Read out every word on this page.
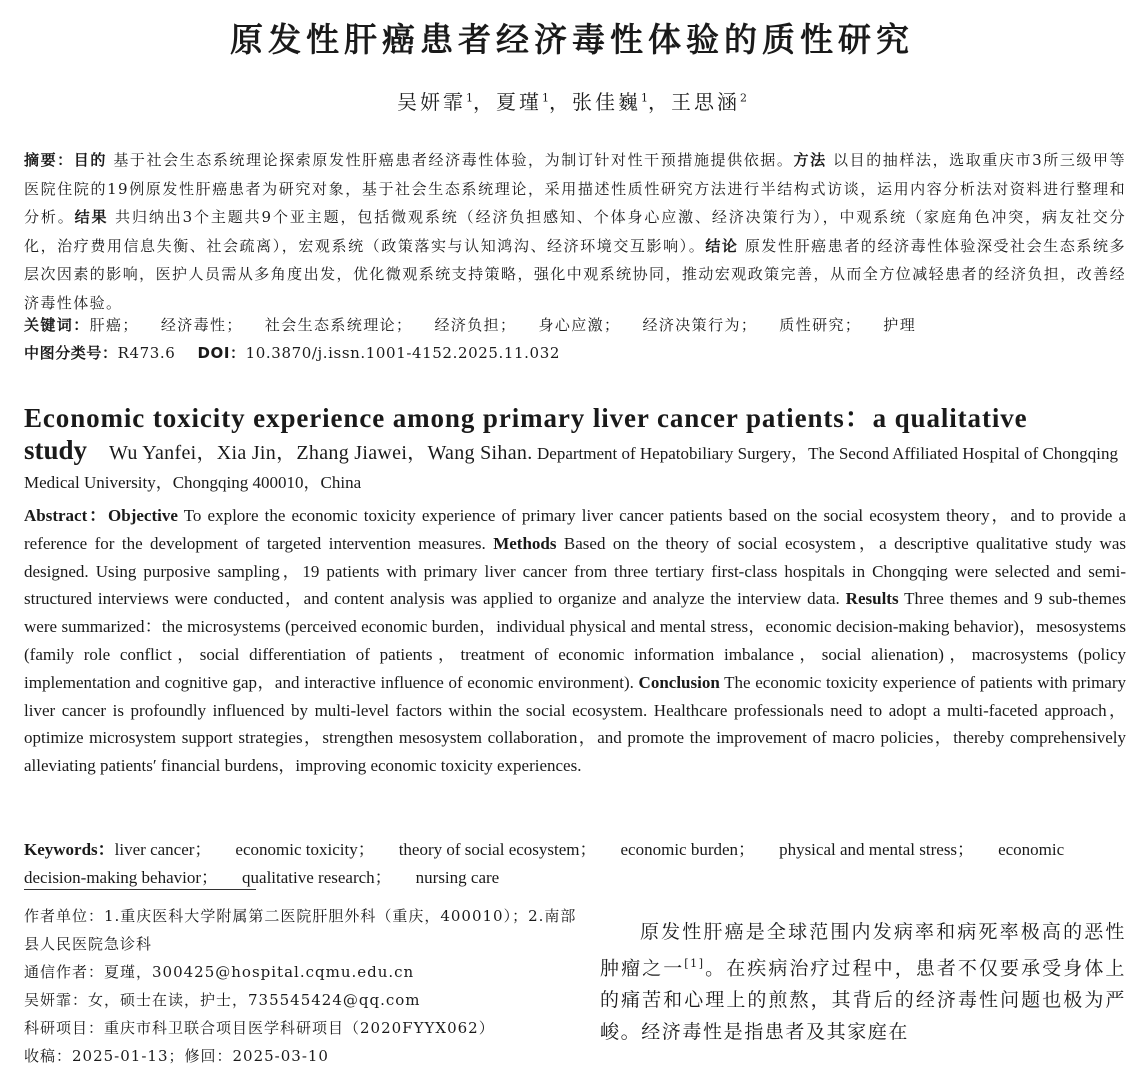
原发性肝癌患者经济毒性体验的质性研究
吴妍霏$^1$，夏瑾$^1$，张佳巍$^1$，王思涵$^2$

摘要：目的 基于社会生态系统理论探索原发性肝癌患者经济毒性体验，为制订针对性干预措施提供依据。方法 以目的抽样法，选取重庆市3所三级甲等医院住院的19例原发性肝癌患者为研究对象，基于社会生态系统理论，采用描述性质性研究方法进行半结构式访谈，运用内容分析法对资料进行整理和分析。结果 共归纳出3个主题共9个亚主题，包括微观系统（经济负担感知、个体身心应激、经济决策行为），中观系统（家庭角色冲突，病友社交分化，治疗费用信息失衡、社会疏离），宏观系统（政策落实与认知鸿沟、经济环境交互影响）。结论 原发性肝癌患者的经济毒性体验深受社会生态系统多层次因素的影响，医护人员需从多角度出发，优化微观系统支持策略，强化中观系统协同，推动宏观政策完善，从而全方位减轻患者的经济负担，改善经济毒性体验。

关键词：肝癌； 经济毒性； 社会生态系统理论； 经济负担； 身心应激； 经济决策行为； 质性研究； 护理

中图分类号：R473.6 DOI：10.3870/j.issn.1001-4152.2025.11.032

Economic toxicity experience among primary liver cancer patients：a qualitative

study Wu Yanfei，Xia Jin，Zhang Jiawei，Wang Sihan. Department of Hepatobiliary Surgery，The Second Affiliated Hospital of Chongqing Medical University，Chongqing 400010，China

Abstract：Objective To explore the economic toxicity experience of primary liver cancer patients based on the social ecosystem theory，and to provide a reference for the development of targeted intervention measures. Methods Based on the theory of social ecosystem，a descriptive qualitative study was designed. Using purposive sampling，19 patients with primary liver cancer from three tertiary first-class hospitals in Chongqing were selected and semi-structured interviews were conducted，and content analysis was applied to organize and analyze the interview data. Results Three themes and 9 sub-themes were summarized：the microsystems (perceived economic burden，individual physical and mental stress，economic decision-making behavior)，mesosystems (family role conflict，social differentiation of patients，treatment of economic information imbalance，social alienation)，macrosystems (policy implementation and cognitive gap，and interactive influence of economic environment). Conclusion The economic toxicity experience of patients with primary liver cancer is profoundly influenced by multi-level factors within the social ecosystem. Healthcare professionals need to adopt a multi-faceted approach，optimize microsystem support strategies，strengthen mesosystem collaboration，and promote the improvement of macro policies，thereby comprehensively alleviating patients′ financial burdens，improving economic toxicity experiences.

Keywords：liver cancer； economic toxicity； theory of social ecosystem； economic burden； physical and mental stress； economic decision-making behavior； qualitative research； nursing care

作者单位：1.重庆医科大学附属第二医院肝胆外科（重庆，400010）；2.南部县人民医院急诊科
通信作者：夏瑾，300425@hospital.cqmu.edu.cn
吴妍霏：女，硕士在读，护士，735545424@qq.com
科研项目：重庆市科卫联合项目医学科研项目（2020FYYX062）
收稿：2025-01-13；修回：2025-03-10

原发性肝癌是全球范围内发病率和病死率极高的恶性肿瘤之一[1]。在疾病治疗过程中，患者不仅要承受身体上的痛苦和心理上的煎熬，其背后的经济毒性问题也极为严峻。经济毒性是指患者及其家庭在
